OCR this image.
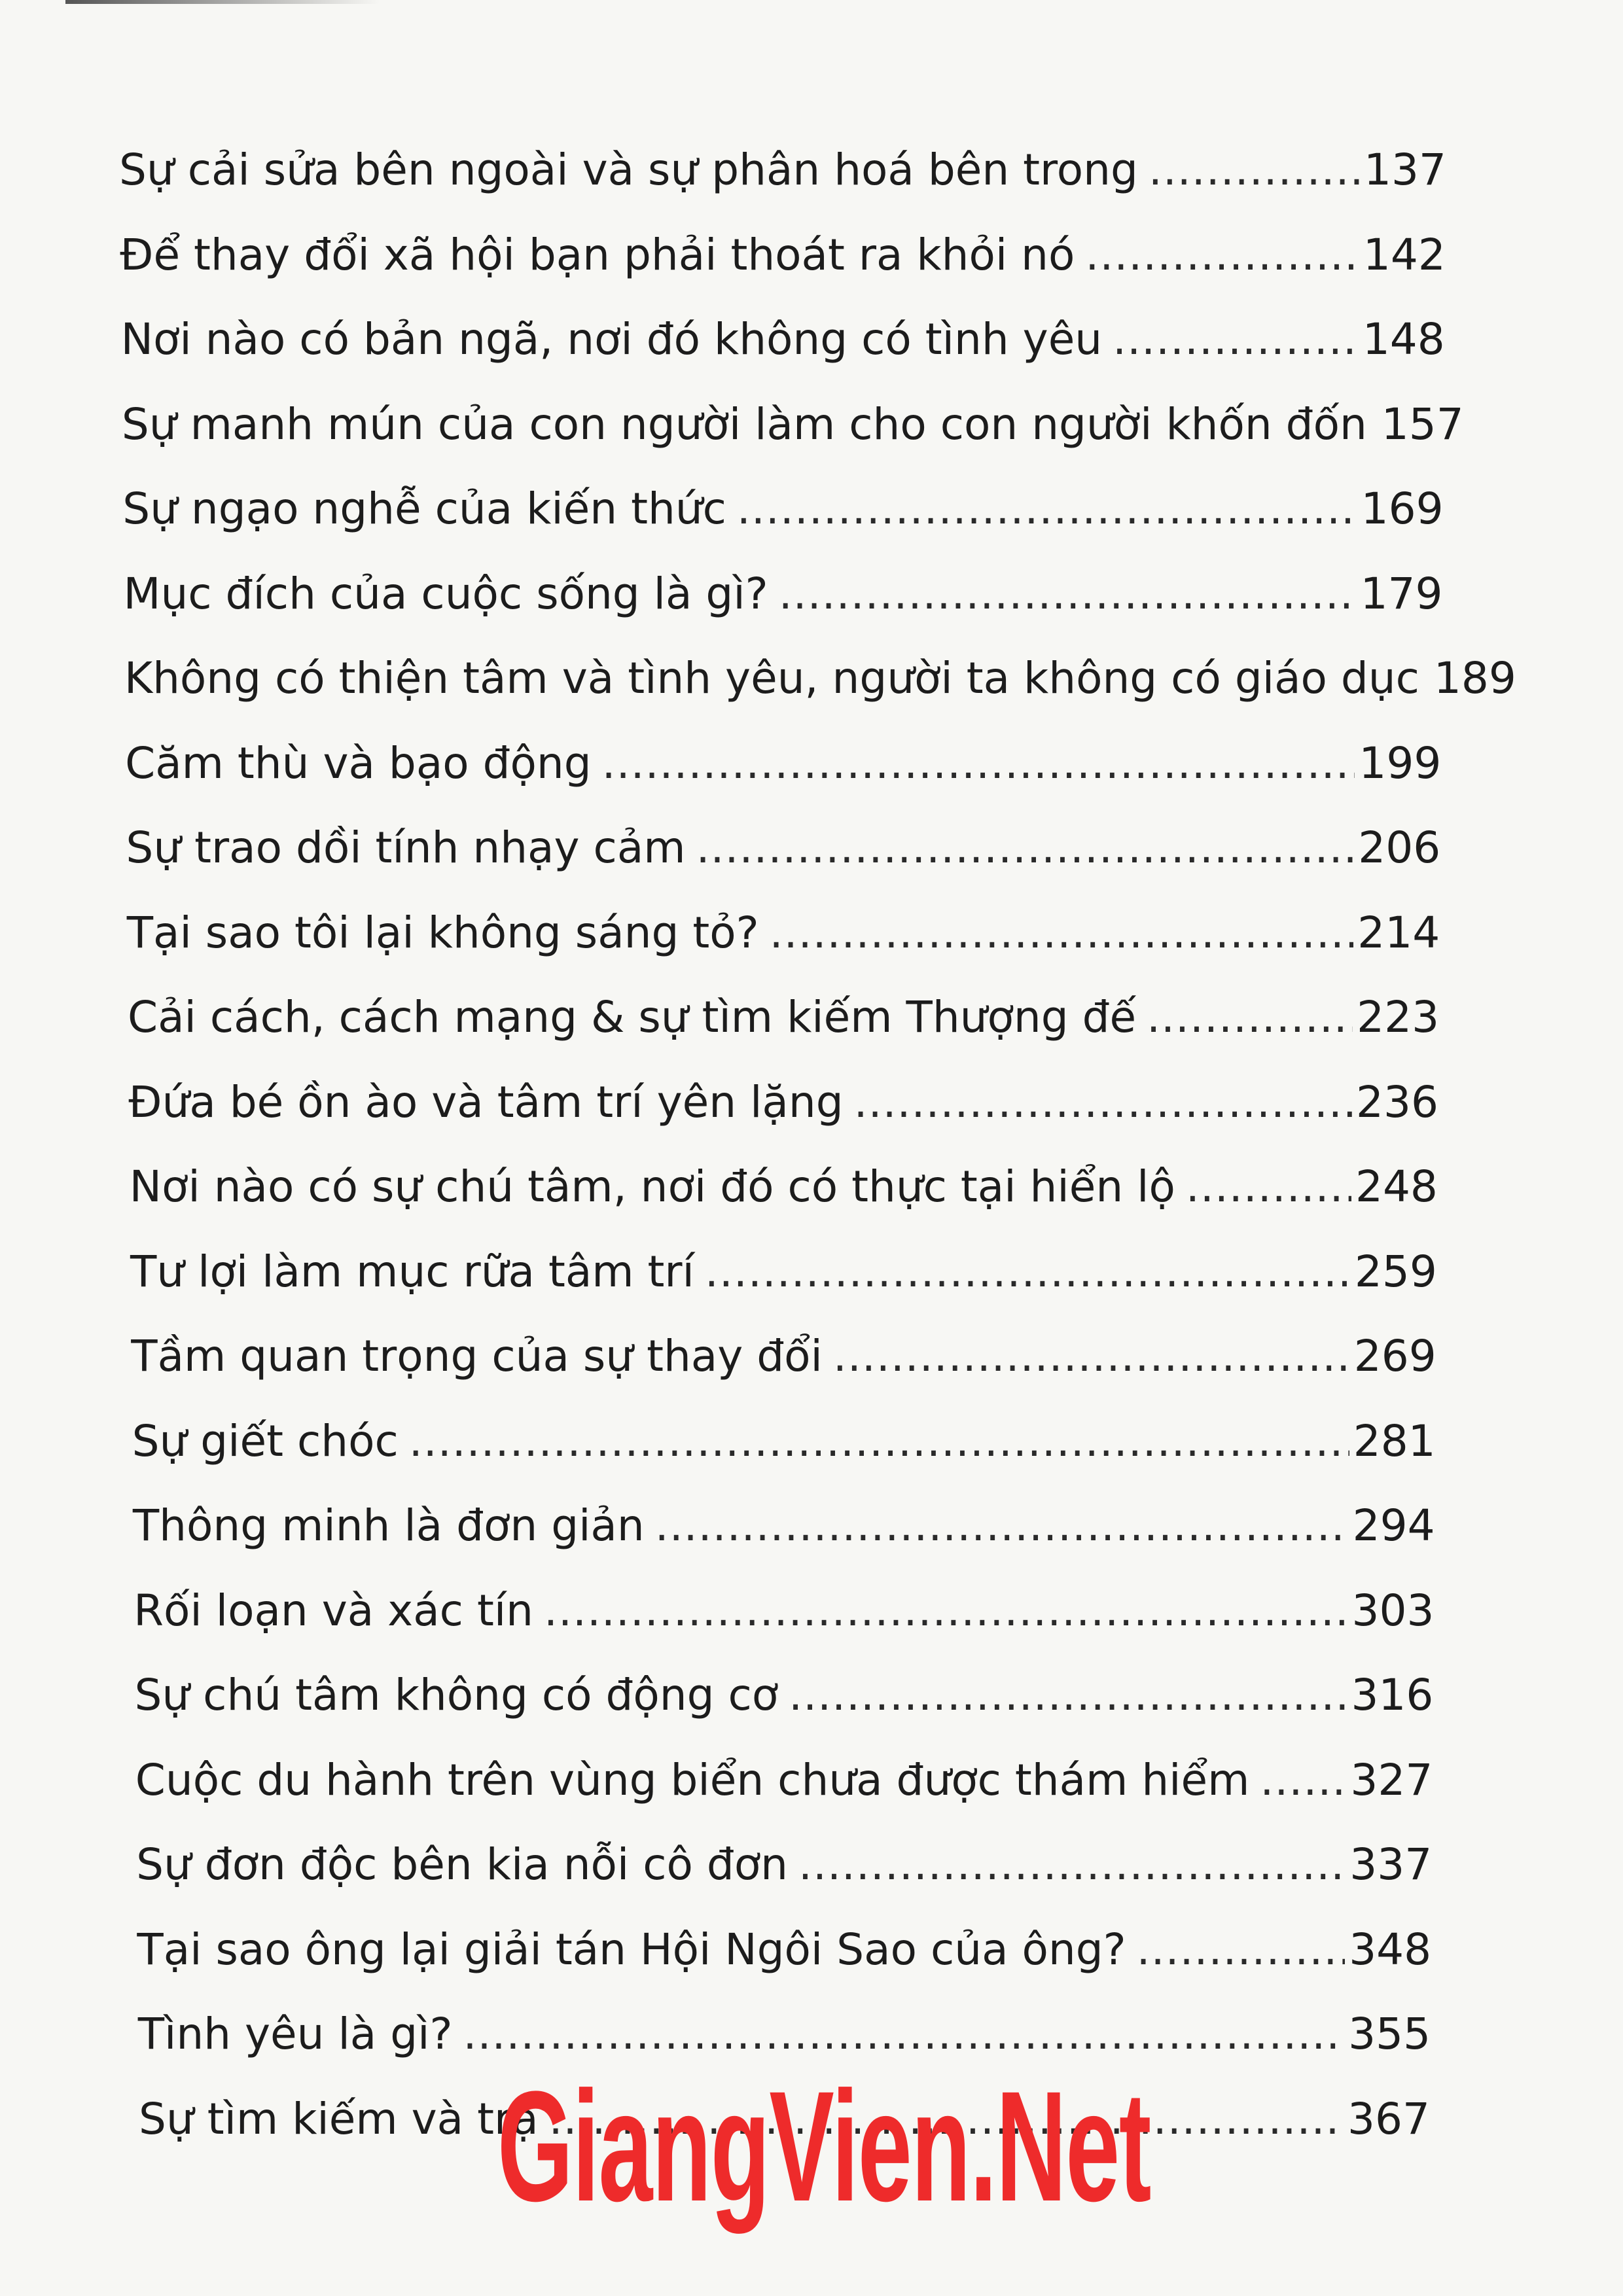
Sự cải sửa bên ngoài và sự phân hoá bên trong .....	137
Để thay đổi xã hội bạn phải thoát ra khỏi nó .....	142
Nơi nào có bản ngã, nơi đó không có tình yêu .....	148
Sự manh mún của con người làm cho con người khốn đốn 157
Sự ngạo nghễ của kiến thức .....	169
Mục đích của cuộc sống là gì? .....	179
Không có thiện tâm và tình yêu, người ta không có giáo dục 189
Căm thù và bạo động .....	199
Sự trao dồi tính nhạy cảm .....	206
Tại sao tôi lại không sáng tỏ? .....	214
Cải cách, cách mạng & sự tìm kiếm Thượng đế .....	223
Đứa bé ồn ào và tâm trí yên lặng .....	236
Nơi nào có sự chú tâm, nơi đó có thực tại hiển lộ .....	248
Tư lợi làm mục rữa tâm trí .....	259
Tầm quan trọng của sự thay đổi .....	269
Sự giết chóc .....	281
Thông minh là đơn giản .....	294
Rối loạn và xác tín .....	303
Sự chú tâm không có động cơ .....	316
Cuộc du hành trên vùng biển chưa được thám hiểm ..... 327
Sự đơn độc bên kia nỗi cô đơn .....	337
Tại sao ông lại giải tán Hội Ngôi Sao của ông? .....	348
Tình yêu là gì? .....	355
Sự tìm kiếm và trạ .....	367
GiangVien.Net
